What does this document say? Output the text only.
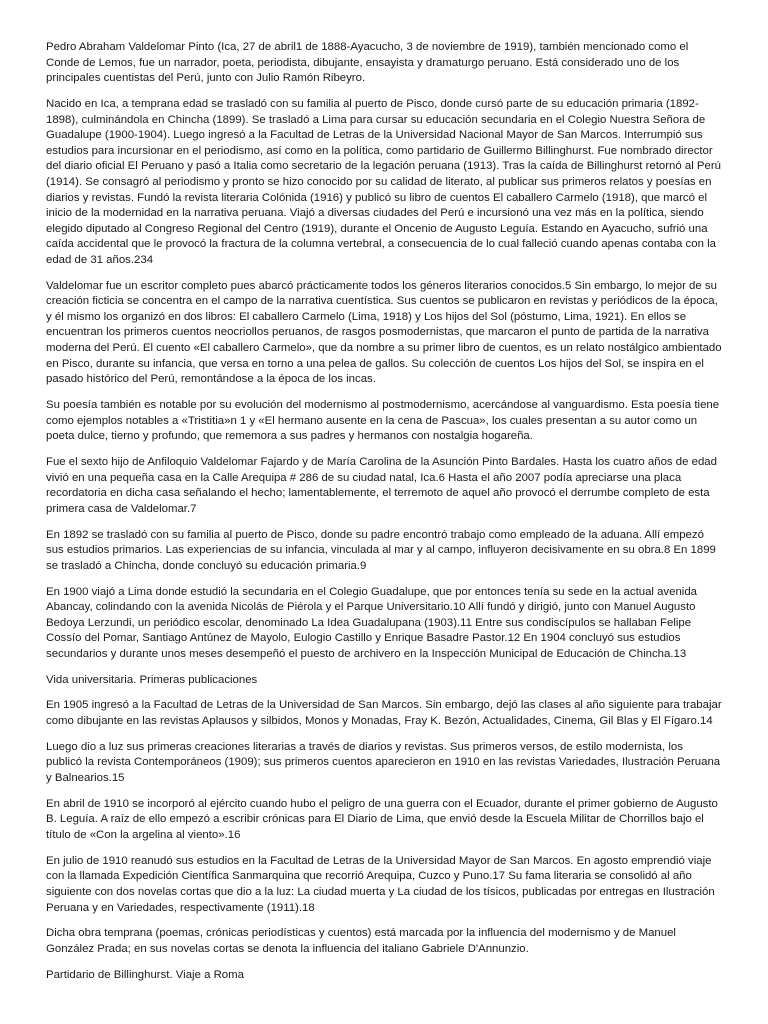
Pedro Abraham Valdelomar Pinto (Ica, 27 de abril1 de 1888-Ayacucho, 3 de noviembre de 1919), también mencionado como el Conde de Lemos, fue un narrador, poeta, periodista, dibujante, ensayista y dramaturgo peruano. Está considerado uno de los principales cuentistas del Perú, junto con Julio Ramón Ribeyro.

Nacido en Ica, a temprana edad se trasladó con su familia al puerto de Pisco, donde cursó parte de su educación primaria (1892-1898), culminándola en Chincha (1899). Se trasladó a Lima para cursar su educación secundaria en el Colegio Nuestra Señora de Guadalupe (1900-1904). Luego ingresó a la Facultad de Letras de la Universidad Nacional Mayor de San Marcos. Interrumpió sus estudios para incursionar en el periodismo, así como en la política, como partidario de Guillermo Billinghurst. Fue nombrado director del diario oficial El Peruano y pasó a Italia como secretario de la legación peruana (1913). Tras la caída de Billinghurst retornó al Perú (1914). Se consagró al periodismo y pronto se hizo conocido por su calidad de literato, al publicar sus primeros relatos y poesías en diarios y revistas. Fundó la revista literaria Colónida (1916) y publicó su libro de cuentos El caballero Carmelo (1918), que marcó el inicio de la modernidad en la narrativa peruana. Viajó a diversas ciudades del Perú e incursionó una vez más en la política, siendo elegido diputado al Congreso Regional del Centro (1919), durante el Oncenio de Augusto Leguía. Estando en Ayacucho, sufrió una caída accidental que le provocó la fractura de la columna vertebral, a consecuencia de lo cual falleció cuando apenas contaba con la edad de 31 años.234

Valdelomar fue un escritor completo pues abarcó prácticamente todos los géneros literarios conocidos.5 Sin embargo, lo mejor de su creación ficticia se concentra en el campo de la narrativa cuentística. Sus cuentos se publicaron en revistas y periódicos de la época, y él mismo los organizó en dos libros: El caballero Carmelo (Lima, 1918) y Los hijos del Sol (póstumo, Lima, 1921). En ellos se encuentran los primeros cuentos neocriollos peruanos, de rasgos posmodernistas, que marcaron el punto de partida de la narrativa moderna del Perú. El cuento «El caballero Carmelo», que da nombre a su primer libro de cuentos, es un relato nostálgico ambientado en Pisco, durante su infancia, que versa en torno a una pelea de gallos. Su colección de cuentos Los hijos del Sol, se inspira en el pasado histórico del Perú, remontándose a la época de los incas.

Su poesía también es notable por su evolución del modernismo al postmodernismo, acercándose al vanguardismo. Esta poesía tiene como ejemplos notables a «Tristitia»n 1 y «El hermano ausente en la cena de Pascua», los cuales presentan a su autor como un poeta dulce, tierno y profundo, que rememora a sus padres y hermanos con nostalgia hogareña.

Fue el sexto hijo de Anfiloquio Valdelomar Fajardo y de María Carolina de la Asunción Pinto Bardales. Hasta los cuatro años de edad vivió en una pequeña casa en la Calle Arequipa # 286 de su ciudad natal, Ica.6 Hasta el año 2007 podía apreciarse una placa recordatoria en dicha casa señalando el hecho; lamentablemente, el terremoto de aquel año provocó el derrumbe completo de esta primera casa de Valdelomar.7

En 1892 se trasladó con su familia al puerto de Pisco, donde su padre encontró trabajo como empleado de la aduana. Allí empezó sus estudios primarios. Las experiencias de su infancia, vinculada al mar y al campo, influyeron decisivamente en su obra.8 En 1899 se trasladó a Chincha, donde concluyó su educación primaria.9

En 1900 viajó a Lima donde estudió la secundaria en el Colegio Guadalupe, que por entonces tenía su sede en la actual avenida Abancay, colindando con la avenida Nicolás de Piérola y el Parque Universitario.10 Allí fundó y dirigió, junto con Manuel Augusto Bedoya Lerzundi, un periódico escolar, denominado La Idea Guadalupana (1903).11 Entre sus condiscípulos se hallaban Felipe Cossío del Pomar, Santiago Antúnez de Mayolo, Eulogio Castillo y Enrique Basadre Pastor.12 En 1904 concluyó sus estudios secundarios y durante unos meses desempeñó el puesto de archivero en la Inspección Municipal de Educación de Chincha.13

Vida universitaria. Primeras publicaciones

En 1905 ingresó a la Facultad de Letras de la Universidad de San Marcos. Sin embargo, dejó las clases al año siguiente para trabajar como dibujante en las revistas Aplausos y silbidos, Monos y Monadas, Fray K. Bezón, Actualidades, Cinema, Gil Blas y El Fígaro.14

Luego dio a luz sus primeras creaciones literarias a través de diarios y revistas. Sus primeros versos, de estilo modernista, los publicó la revista Contemporáneos (1909); sus primeros cuentos aparecieron en 1910 en las revistas Variedades, Ilustración Peruana y Balnearios.15

En abril de 1910 se incorporó al ejército cuando hubo el peligro de una guerra con el Ecuador, durante el primer gobierno de Augusto B. Leguía. A raíz de ello empezó a escribir crónicas para El Diario de Lima, que envió desde la Escuela Militar de Chorrillos bajo el título de «Con la argelina al viento».16

En julio de 1910 reanudó sus estudios en la Facultad de Letras de la Universidad Mayor de San Marcos. En agosto emprendió viaje con la llamada Expedición Científica Sanmarquina que recorrió Arequipa, Cuzco y Puno.17 Su fama literaria se consolidó al año siguiente con dos novelas cortas que dio a la luz: La ciudad muerta y La ciudad de los tísicos, publicadas por entregas en Ilustración Peruana y en Variedades, respectivamente (1911).18

Dicha obra temprana (poemas, crónicas periodísticas y cuentos) está marcada por la influencia del modernismo y de Manuel González Prada; en sus novelas cortas se denota la influencia del italiano Gabriele D'Annunzio.

Partidario de Billinghurst. Viaje a Roma
